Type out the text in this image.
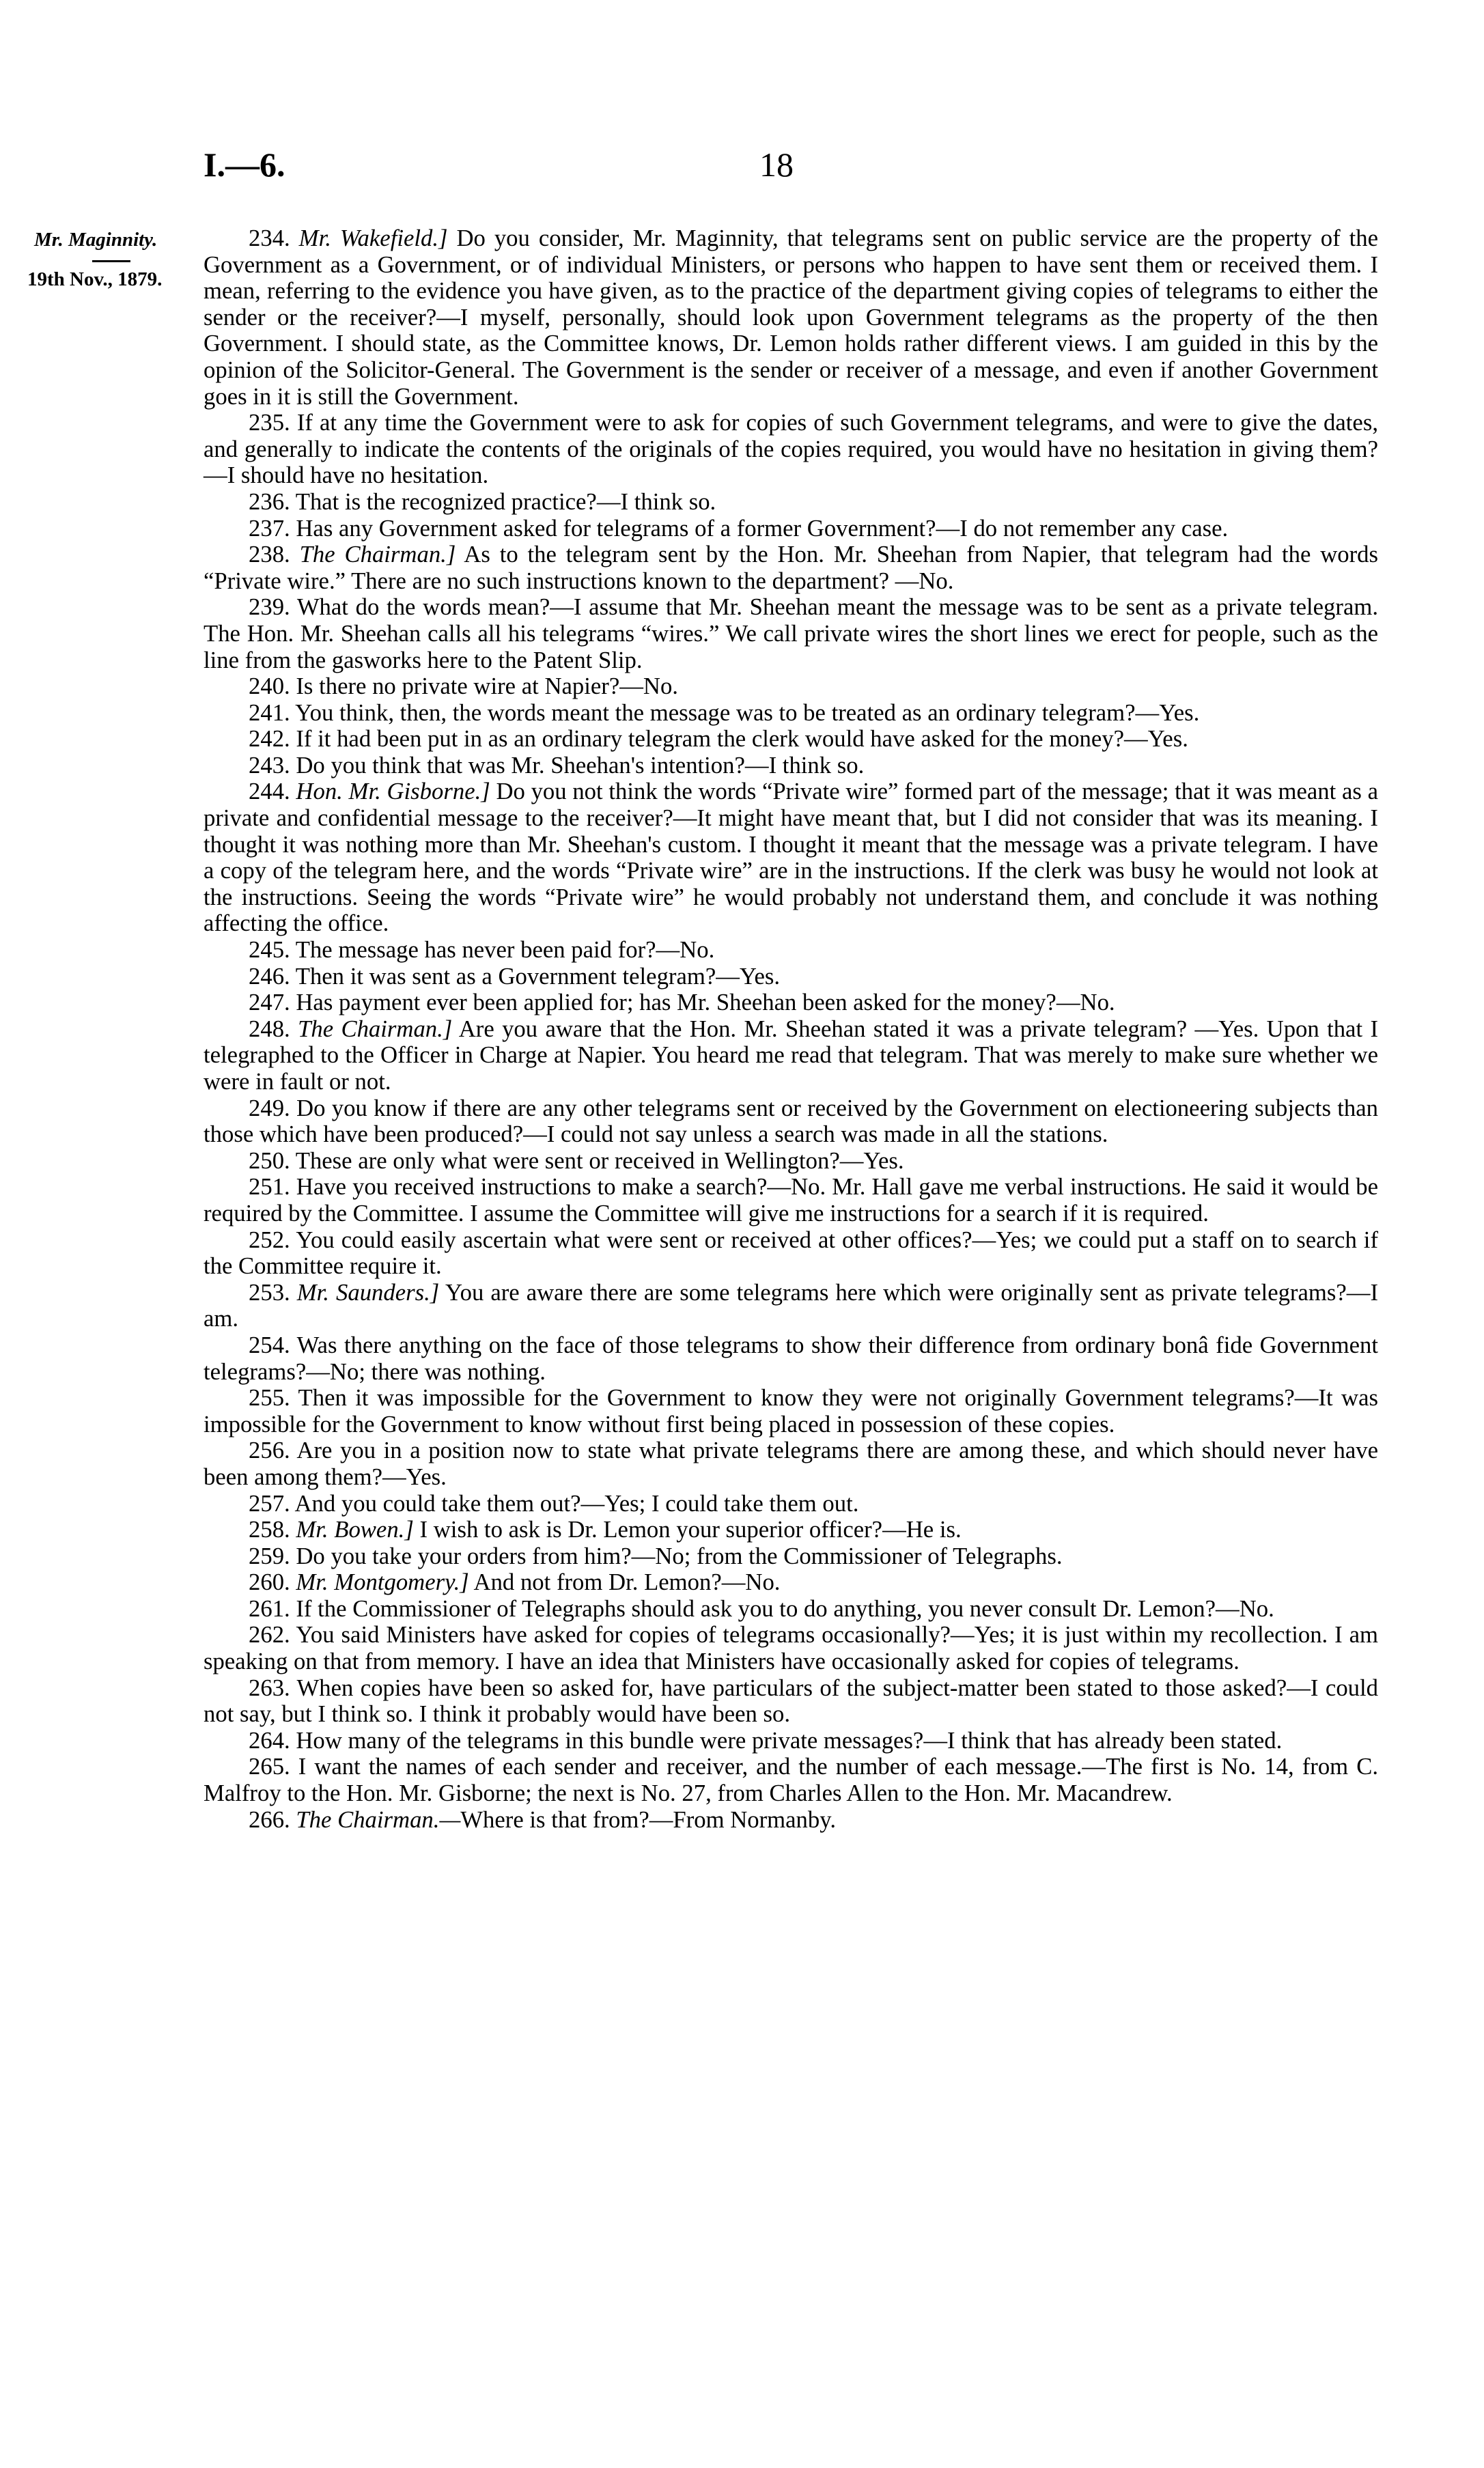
I.—6.	18
Mr. Maginnity.
19th Nov., 1879.

234. Mr. Wakefield.] Do you consider, Mr. Maginnity, that telegrams sent on public service are the property of the Government as a Government, or of individual Ministers, or persons who happen to have sent them or received them. I mean, referring to the evidence you have given, as to the practice of the department giving copies of telegrams to either the sender or the receiver?—I myself, personally, should look upon Government telegrams as the property of the then Government. I should state, as the Committee knows, Dr. Lemon holds rather different views. I am guided in this by the opinion of the Solicitor-General. The Government is the sender or receiver of a message, and even if another Government goes in it is still the Government.

235. If at any time the Government were to ask for copies of such Government telegrams, and were to give the dates, and generally to indicate the contents of the originals of the copies required, you would have no hesitation in giving them?—I should have no hesitation.

236. That is the recognized practice?—I think so.

237. Has any Government asked for telegrams of a former Government?—I do not remember any case.

238. The Chairman.] As to the telegram sent by the Hon. Mr. Sheehan from Napier, that telegram had the words “Private wire.” There are no such instructions known to the department? —No.

239. What do the words mean?—I assume that Mr. Sheehan meant the message was to be sent as a private telegram. The Hon. Mr. Sheehan calls all his telegrams “wires.” We call private wires the short lines we erect for people, such as the line from the gasworks here to the Patent Slip.

240. Is there no private wire at Napier?—No.

241. You think, then, the words meant the message was to be treated as an ordinary telegram?—Yes.

242. If it had been put in as an ordinary telegram the clerk would have asked for the money?—Yes.

243. Do you think that was Mr. Sheehan's intention?—I think so.

244. Hon. Mr. Gisborne.] Do you not think the words “Private wire” formed part of the message; that it was meant as a private and confidential message to the receiver?—It might have meant that, but I did not consider that was its meaning. I thought it was nothing more than Mr. Sheehan's custom. I thought it meant that the message was a private telegram. I have a copy of the telegram here, and the words “Private wire” are in the instructions. If the clerk was busy he would not look at the instructions. Seeing the words “Private wire” he would probably not understand them, and conclude it was nothing affecting the office.

245. The message has never been paid for?—No.

246. Then it was sent as a Government telegram?—Yes.

247. Has payment ever been applied for; has Mr. Sheehan been asked for the money?—No.

248. The Chairman.] Are you aware that the Hon. Mr. Sheehan stated it was a private telegram? —Yes. Upon that I telegraphed to the Officer in Charge at Napier. You heard me read that telegram. That was merely to make sure whether we were in fault or not.

249. Do you know if there are any other telegrams sent or received by the Government on electioneering subjects than those which have been produced?—I could not say unless a search was made in all the stations.

250. These are only what were sent or received in Wellington?—Yes.

251. Have you received instructions to make a search?—No. Mr. Hall gave me verbal instructions. He said it would be required by the Committee. I assume the Committee will give me instructions for a search if it is required.

252. You could easily ascertain what were sent or received at other offices?—Yes; we could put a staff on to search if the Committee require it.

253. Mr. Saunders.] You are aware there are some telegrams here which were originally sent as private telegrams?—I am.

254. Was there anything on the face of those telegrams to show their difference from ordinary bonâ fide Government telegrams?—No; there was nothing.

255. Then it was impossible for the Government to know they were not originally Government telegrams?—It was impossible for the Government to know without first being placed in possession of these copies.

256. Are you in a position now to state what private telegrams there are among these, and which should never have been among them?—Yes.

257. And you could take them out?—Yes; I could take them out.

258. Mr. Bowen.] I wish to ask is Dr. Lemon your superior officer?—He is.

259. Do you take your orders from him?—No; from the Commissioner of Telegraphs.

260. Mr. Montgomery.] And not from Dr. Lemon?—No.

261. If the Commissioner of Telegraphs should ask you to do anything, you never consult Dr. Lemon?—No.

262. You said Ministers have asked for copies of telegrams occasionally?—Yes; it is just within my recollection. I am speaking on that from memory. I have an idea that Ministers have occasionally asked for copies of telegrams.

263. When copies have been so asked for, have particulars of the subject-matter been stated to those asked?—I could not say, but I think so. I think it probably would have been so.

264. How many of the telegrams in this bundle were private messages?—I think that has already been stated.

265. I want the names of each sender and receiver, and the number of each message.—The first is No. 14, from C. Malfroy to the Hon. Mr. Gisborne; the next is No. 27, from Charles Allen to the Hon. Mr. Macandrew.

266. The Chairman.—Where is that from?—From Normanby.
